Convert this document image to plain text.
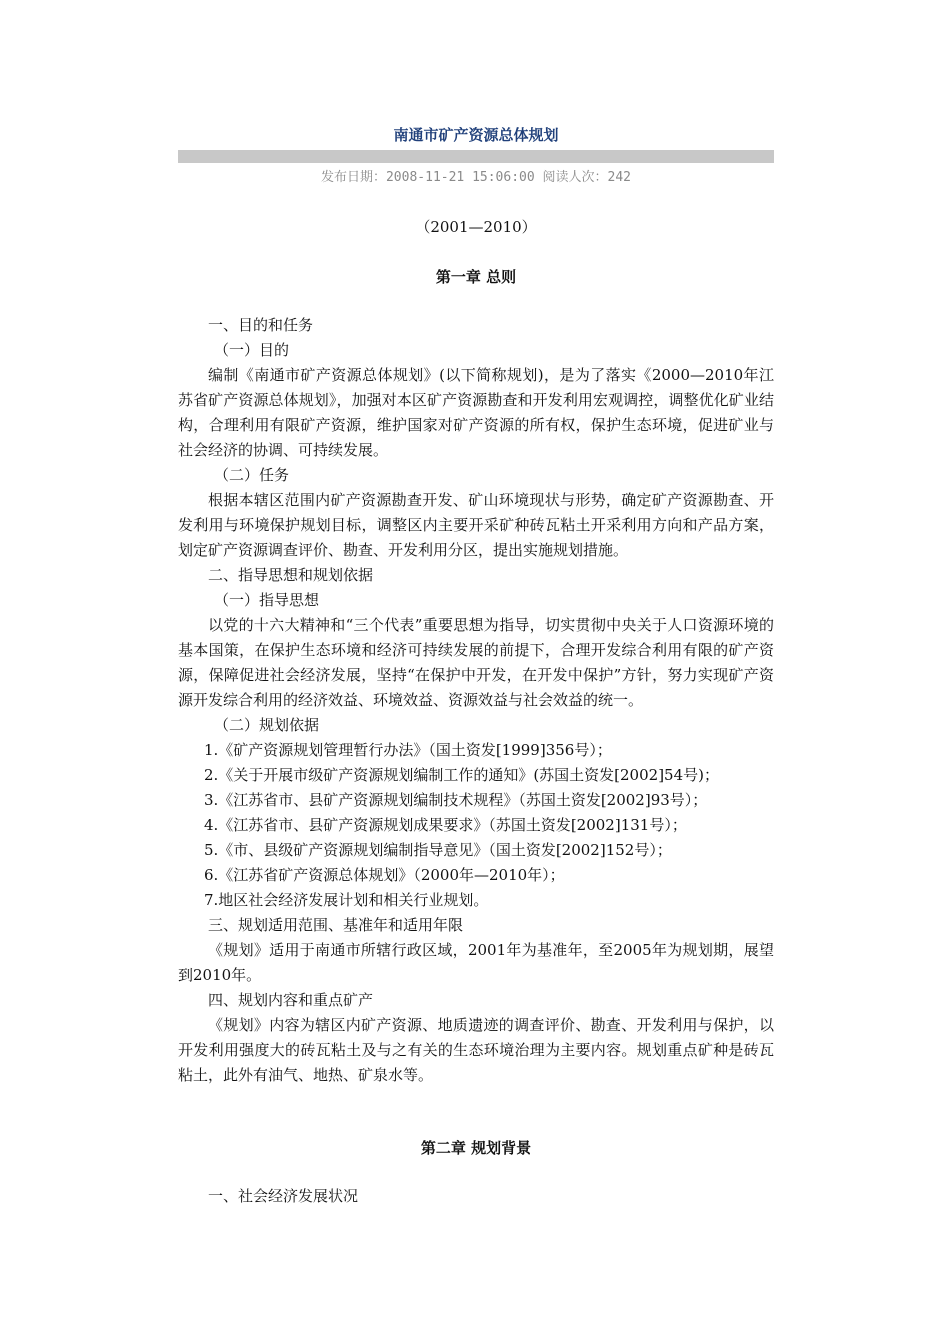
南通市矿产资源总体规划
发布日期：2008-11-21 15:06:00 阅读人次：242
（2001—2010）
第一章 总则

一、目的和任务

（一）目的

编制《南通市矿产资源总体规划》(以下简称规划)，是为了落实《2000—2010年江苏省矿产资源总体规划》，加强对本区矿产资源勘查和开发利用宏观调控，调整优化矿业结构，合理利用有限矿产资源，维护国家对矿产资源的所有权，保护生态环境，促进矿业与社会经济的协调、可持续发展。

（二）任务

根据本辖区范围内矿产资源勘查开发、矿山环境现状与形势，确定矿产资源勘查、开发利用与环境保护规划目标，调整区内主要开采矿种砖瓦粘土开采利用方向和产品方案，划定矿产资源调查评价、勘查、开发利用分区，提出实施规划措施。

二、指导思想和规划依据

（一）指导思想

以党的十六大精神和“三个代表”重要思想为指导，切实贯彻中央关于人口资源环境的基本国策，在保护生态环境和经济可持续发展的前提下，合理开发综合利用有限的矿产资源，保障促进社会经济发展，坚持“在保护中开发，在开发中保护”方针，努力实现矿产资源开发综合利用的经济效益、环境效益、资源效益与社会效益的统一。

（二）规划依据

1.《矿产资源规划管理暂行办法》（国土资发[1999]356号）；

2.《关于开展市级矿产资源规划编制工作的通知》(苏国土资发[2002]54号)；

3.《江苏省市、县矿产资源规划编制技术规程》（苏国土资发[2002]93号）；

4.《江苏省市、县矿产资源规划成果要求》（苏国土资发[2002]131号）；

5.《市、县级矿产资源规划编制指导意见》（国土资发[2002]152号）；

6.《江苏省矿产资源总体规划》（2000年—2010年）；

7.地区社会经济发展计划和相关行业规划。

三、规划适用范围、基准年和适用年限

《规划》适用于南通市所辖行政区域，2001年为基准年，至2005年为规划期，展望到2010年。

四、规划内容和重点矿产

《规划》内容为辖区内矿产资源、地质遗迹的调查评价、勘查、开发利用与保护，以开发利用强度大的砖瓦粘土及与之有关的生态环境治理为主要内容。规划重点矿种是砖瓦粘土，此外有油气、地热、矿泉水等。

第二章 规划背景

一、社会经济发展状况
